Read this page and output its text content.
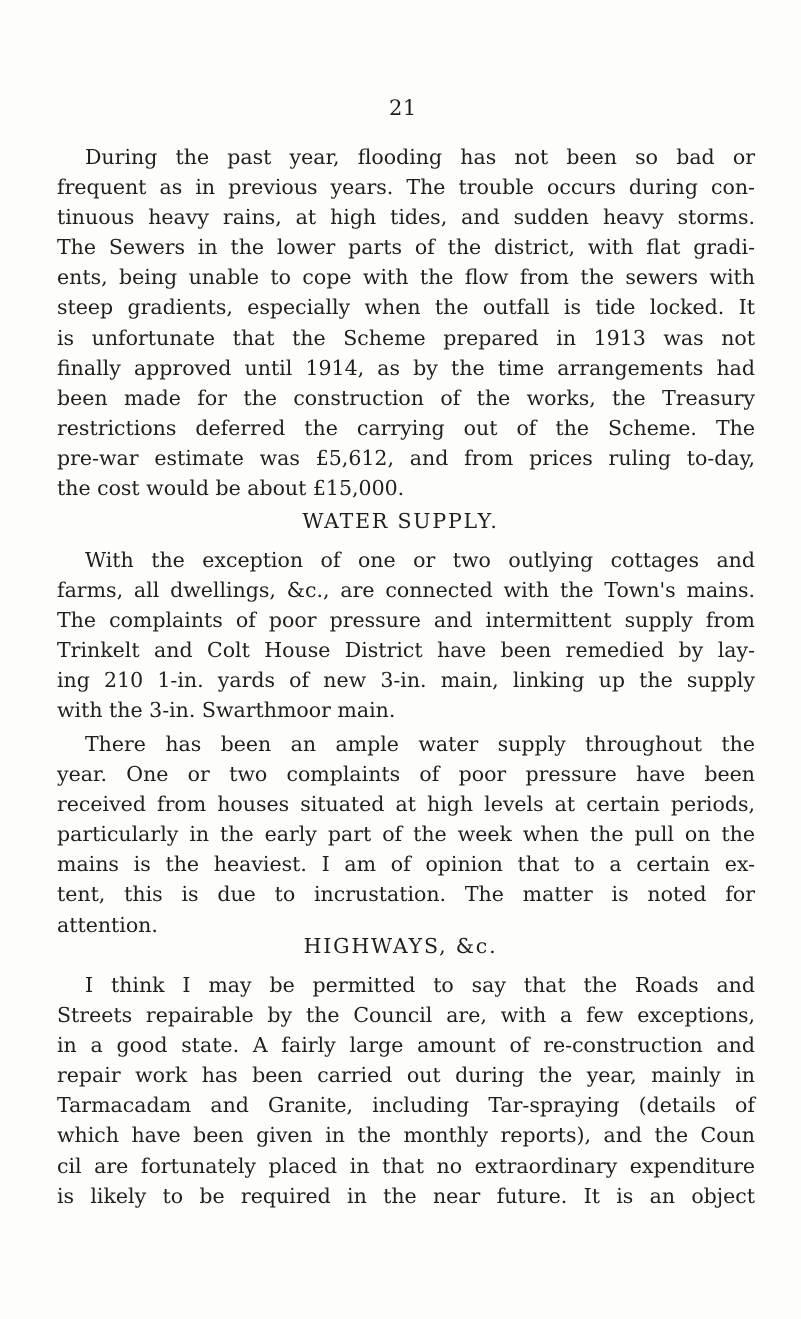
21
During the past year, flooding has not been so bad or
frequent as in previous years. The trouble occurs during con-
tinuous heavy rains, at high tides, and sudden heavy storms.
The Sewers in the lower parts of the district, with flat gradi-
ents, being unable to cope with the flow from the sewers with
steep gradients, especially when the outfall is tide locked. It
is unfortunate that the Scheme prepared in 1913 was not
finally approved until 1914, as by the time arrangements had
been made for the construction of the works, the Treasury
restrictions deferred the carrying out of the Scheme. The
pre-war estimate was £5,612, and from prices ruling to-day,
the cost would be about £15,000.
WATER SUPPLY.
With the exception of one or two outlying cottages and
farms, all dwellings, &c., are connected with the Town's mains.
The complaints of poor pressure and intermittent supply from
Trinkelt and Colt House District have been remedied by lay-
ing 210 1-in. yards of new 3-in. main, linking up the supply
with the 3-in. Swarthmoor main.
There has been an ample water supply throughout the
year. One or two complaints of poor pressure have been
received from houses situated at high levels at certain periods,
particularly in the early part of the week when the pull on the
mains is the heaviest. I am of opinion that to a certain ex-
tent, this is due to incrustation. The matter is noted for
attention.
HIGHWAYS, &c.
I think I may be permitted to say that the Roads and
Streets repairable by the Council are, with a few exceptions,
in a good state. A fairly large amount of re-construction and
repair work has been carried out during the year, mainly in
Tarmacadam and Granite, including Tar-spraying (details of
which have been given in the monthly reports), and the Coun
cil are fortunately placed in that no extraordinary expenditure
is likely to be required in the near future. It is an object
